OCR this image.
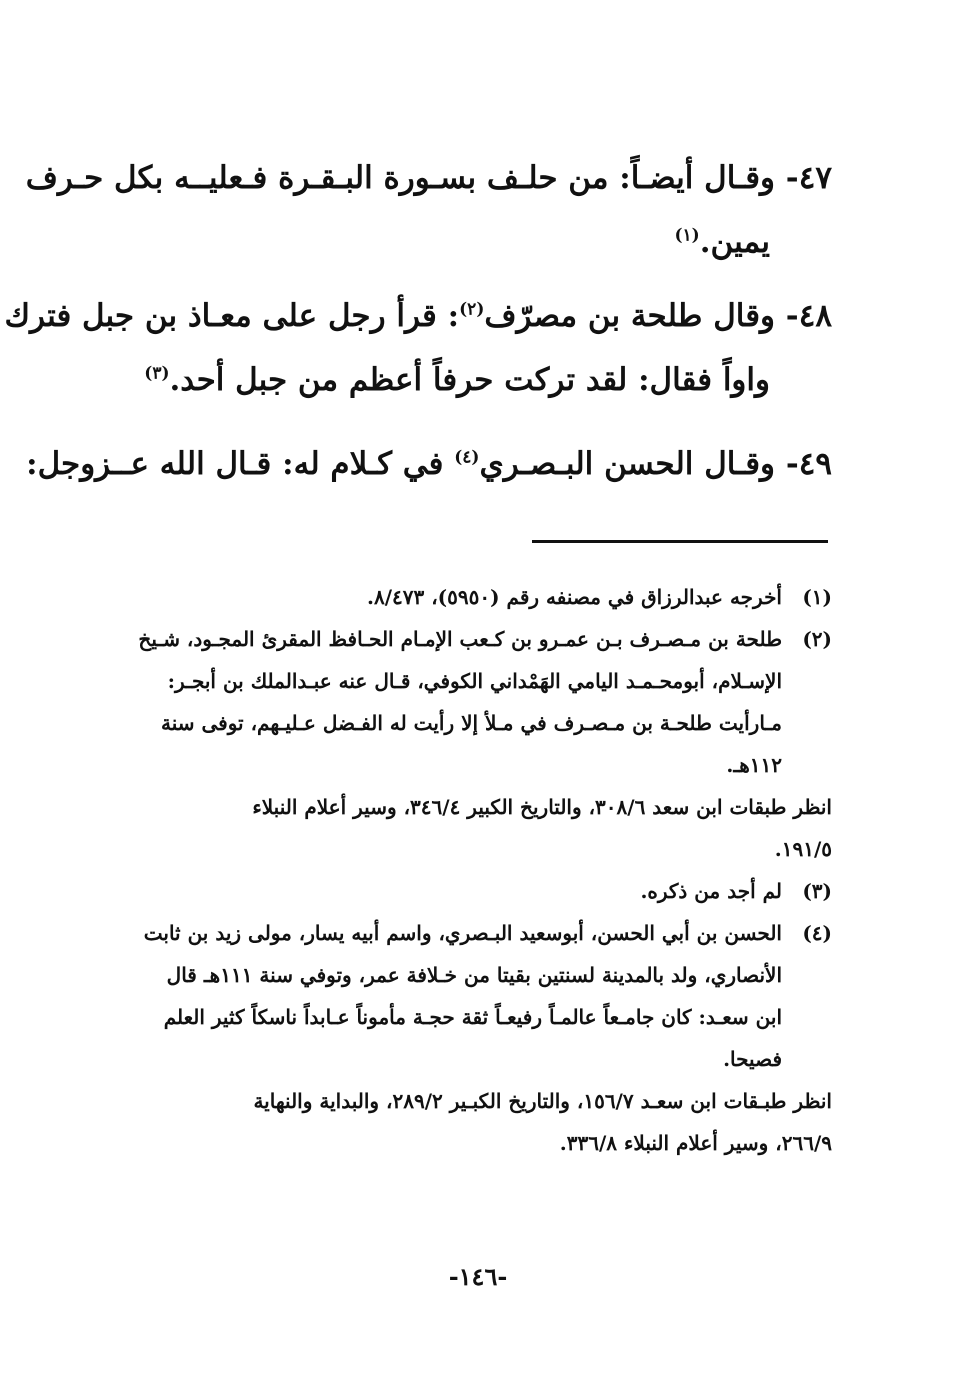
٤٧- وقـال أيضـاً: من حلـف بسـورة البـقـرة فـعليــه بكل حـرف
يمين.$^{(١)}$

٤٨- وقال طلحة بن مصرّف$^{(٢)}$: قرأ رجل على معـاذ بن جبل فترك
واواً فقال: لقد تركت حرفاً أعظم من جبل أحد.$^{(٣)}$

٤٩- وقـال الحسن البـصـري$^{(٤)}$ في كـلام له: قـال الله عــزوجل:

(١)
أخرجه عبدالرزاق في مصنفه رقم (٥٩٥٠)، ٨/٤٧٣.
(٢)
طلحة بن مـصـرف بـن عمـرو بن كـعب الإمـام الحـافظ المقرئ المجـود، شـيخ
الإسـلام، أبومحـمـد اليامي الهَمْداني الكوفي، قـال عنه عبـدالملك بن أبجـر:
مـارأيت طلحـة بن مـصـرف في مـلأ إلا رأيت له الفـضل عـليـهم، توفى سنة
١١٢هـ.
انظر طبقات ابن سعد ٣٠٨/٦، والتاريخ الكبير ٣٤٦/٤، وسير أعلام النبلاء
١٩١/٥.
(٣)
لم أجد من ذكره.
(٤)
الحسن بن أبي الحسن، أبوسعيد البـصري، واسم أبيه يسار، مولى زيد بن ثابت
الأنصاري، ولد بالمدينة لسنتين بقيتا من خـلافة عمر، وتوفي سنة ١١١هـ قال
ابن سعـد: كان جامـعاً عالمـاً رفيعـاً ثقة حجـة مأموناً عـابداً ناسكاً كثير العلم
فصيحا.
انظر طبـقات ابن سعـد ١٥٦/٧، والتاريخ الكبـير ٢٨٩/٢، والبداية والنهاية
٢٦٦/٩، وسير أعلام النبلاء ٣٣٦/٨.
-١٤٦-
